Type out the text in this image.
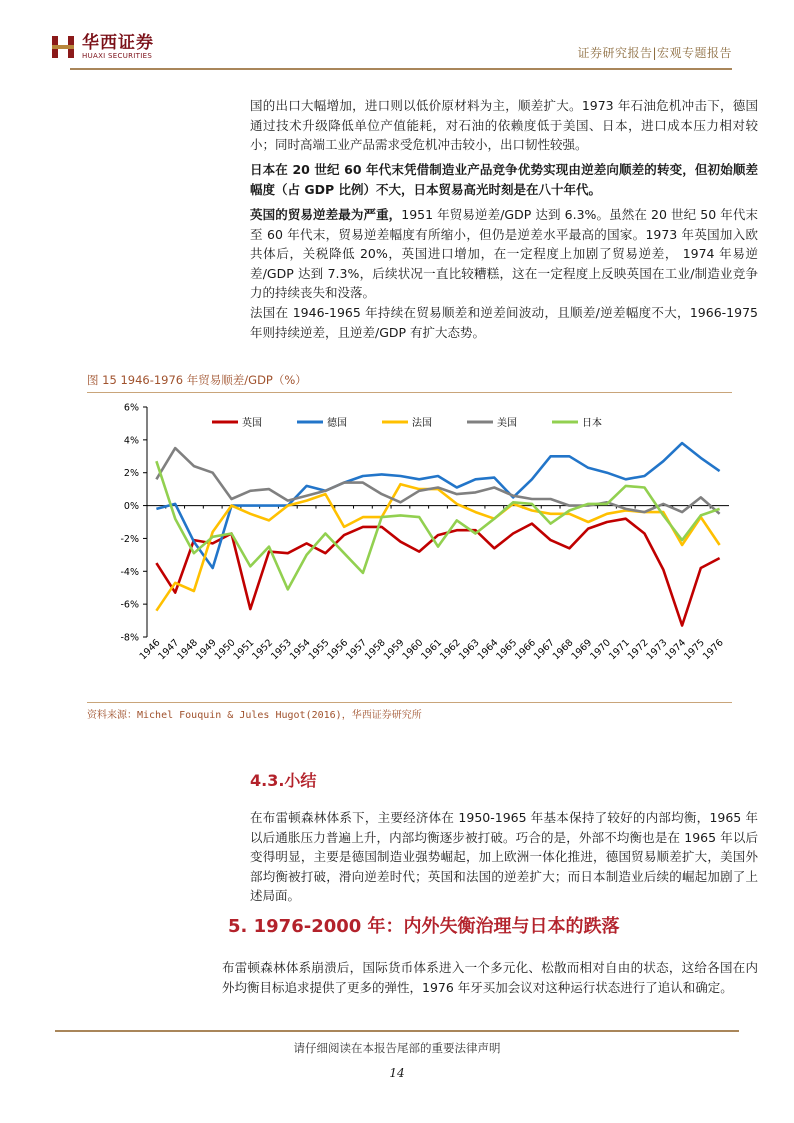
华西证券
HUAXI SECURITIES	证券研究报告|宏观专题报告
国的出口大幅增加，进口则以低价原材料为主，顺差扩大。1973 年石油危机冲击下，德国通过技术升级降低单位产值能耗，对石油的依赖度低于美国、日本，进口成本压力相对较小；同时高端工业产品需求受危机冲击较小，出口韧性较强。
日本在 20 世纪 60 年代末凭借制造业产品竞争优势实现由逆差向顺差的转变，但初始顺差幅度（占 GDP 比例）不大，日本贸易高光时刻是在八十年代。
英国的贸易逆差最为严重，1951 年贸易逆差/GDP 达到 6.3%。虽然在 20 世纪 50 年代末至 60 年代末，贸易逆差幅度有所缩小，但仍是逆差水平最高的国家。1973 年英国加入欧共体后，关税降低 20%，英国进口增加，在一定程度上加剧了贸易逆差， 1974 年易逆差/GDP 达到 7.3%，后续状况一直比较糟糕，这在一定程度上反映英国在工业/制造业竞争力的持续丧失和没落。
法国在 1946-1965 年持续在贸易顺差和逆差间波动，且顺差/逆差幅度不大，1966-1975 年则持续逆差，且逆差/GDP 有扩大态势。
图 15 1946-1976 年贸易顺差/GDP（%）
6%
4%
2%
0%
-2%
-4%
-6%
-8%
1946
1947
1948
1949
1950
1951
1952
1953
1954
1955
1956
1957
1958
1959
1960
1961
1962
1963
1964
1965
1966
1967
1968
1969
1970
1971
1972
1973
1974
1975
1976
英国	德国	法国	美国	日本
资料来源：Michel Fouquin & Jules Hugot(2016)，华西证券研究所
4.3.小结
在布雷顿森林体系下，主要经济体在 1950-1965 年基本保持了较好的内部均衡，1965 年以后通胀压力普遍上升，内部均衡逐步被打破。巧合的是，外部不均衡也是在 1965 年以后变得明显，主要是德国制造业强势崛起，加上欧洲一体化推进，德国贸易顺差扩大，美国外部均衡被打破，滑向逆差时代；英国和法国的逆差扩大；而日本制造业后续的崛起加剧了上述局面。
5. 1976-2000 年：内外失衡治理与日本的跌落
布雷顿森林体系崩溃后，国际货币体系进入一个多元化、松散而相对自由的状态，这给各国在内外均衡目标追求提供了更多的弹性，1976 年牙买加会议对这种运行状态进行了追认和确定。
请仔细阅读在本报告尾部的重要法律声明
14
